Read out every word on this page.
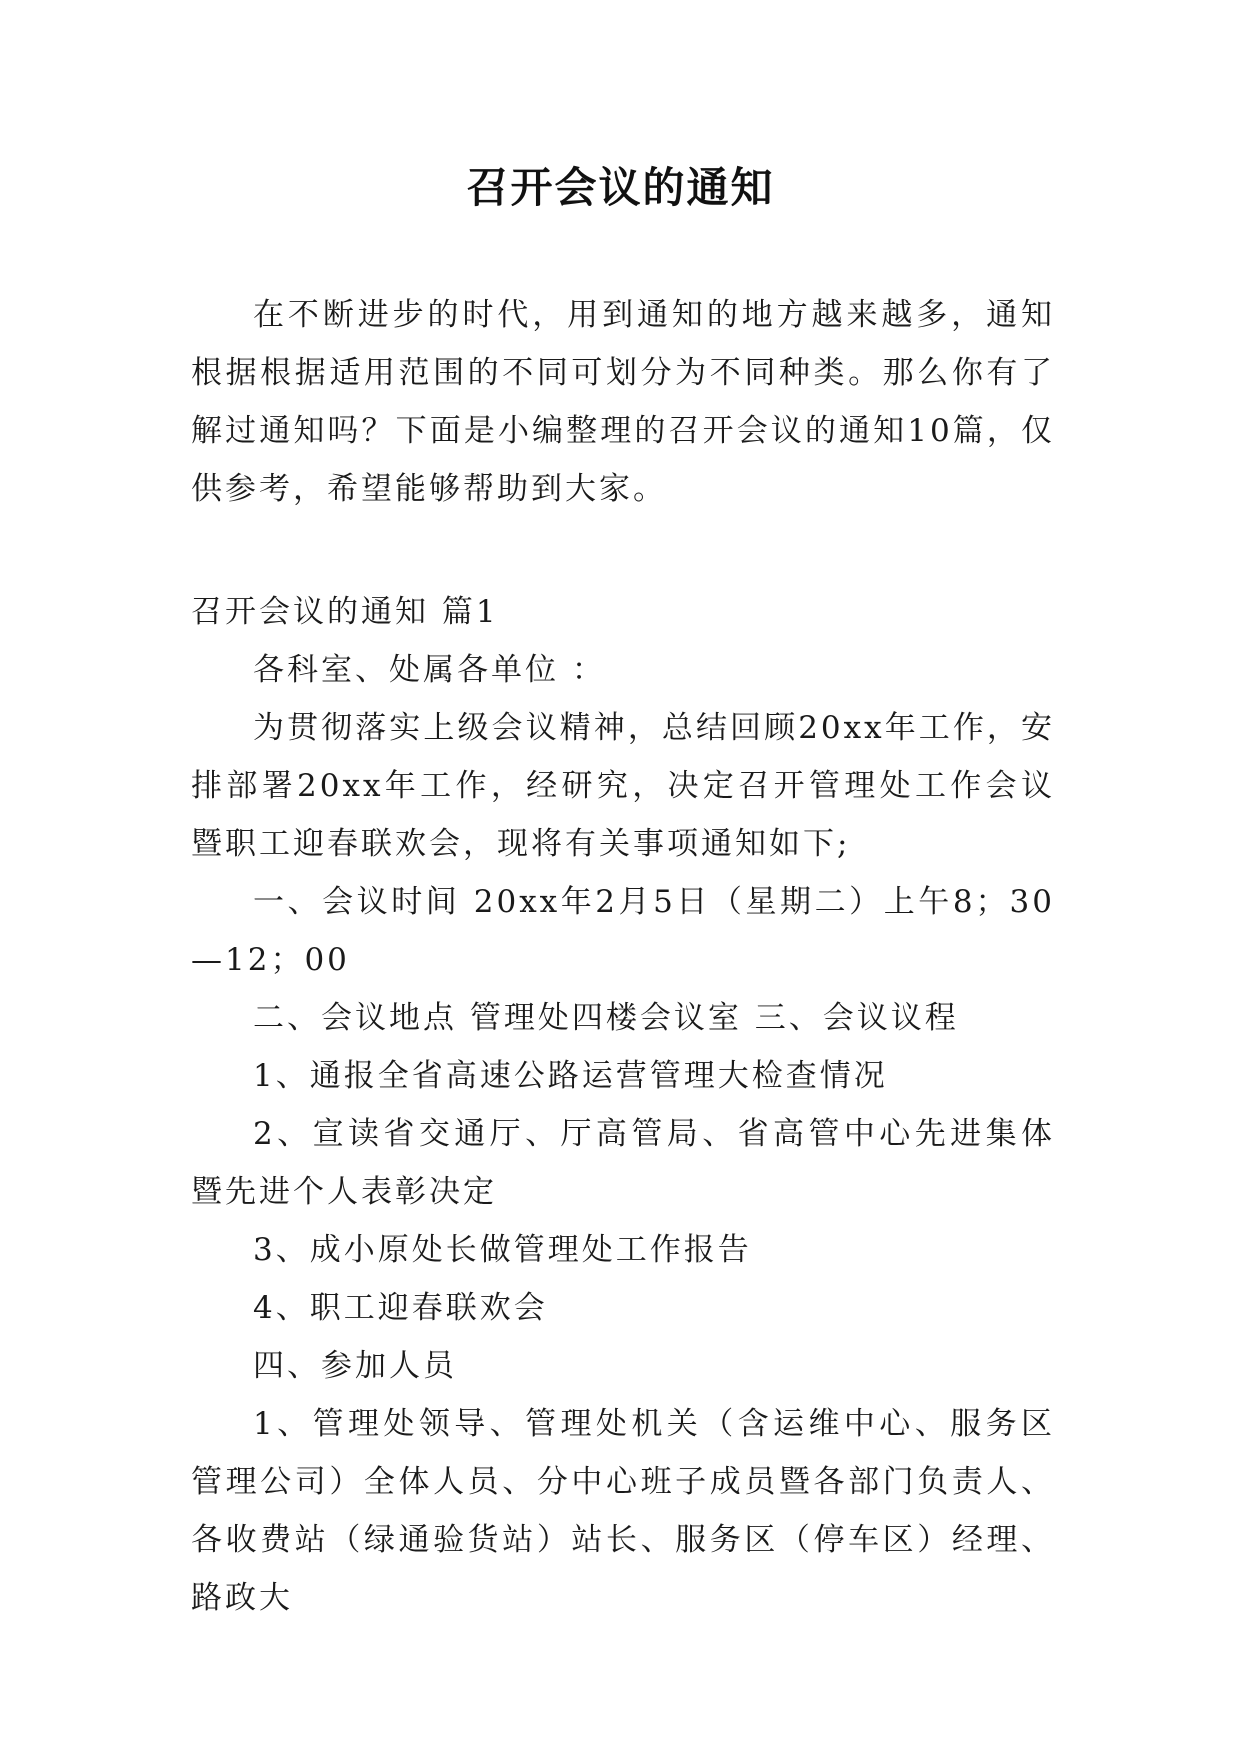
召开会议的通知

在不断进步的时代，用到通知的地方越来越多，通知根据根据适用范围的不同可划分为不同种类。那么你有了解过通知吗？下面是小编整理的召开会议的通知10篇，仅供参考，希望能够帮助到大家。

召开会议的通知 篇1

各科室、处属各单位 ：

为贯彻落实上级会议精神，总结回顾20xx年工作，安排部署20xx年工作，经研究，决定召开管理处工作会议暨职工迎春联欢会，现将有关事项通知如下;

一、会议时间 20xx年2月5日（星期二）上午8；30—12；00

二、会议地点 管理处四楼会议室 三、会议议程

1、通报全省高速公路运营管理大检查情况

2、宣读省交通厅、厅高管局、省高管中心先进集体暨先进个人表彰决定

3、成小原处长做管理处工作报告

4、职工迎春联欢会

四、参加人员

1、管理处领导、管理处机关（含运维中心、服务区管理公司）全体人员、分中心班子成员暨各部门负责人、各收费站（绿通验货站）站长、服务区（停车区）经理、路政大
